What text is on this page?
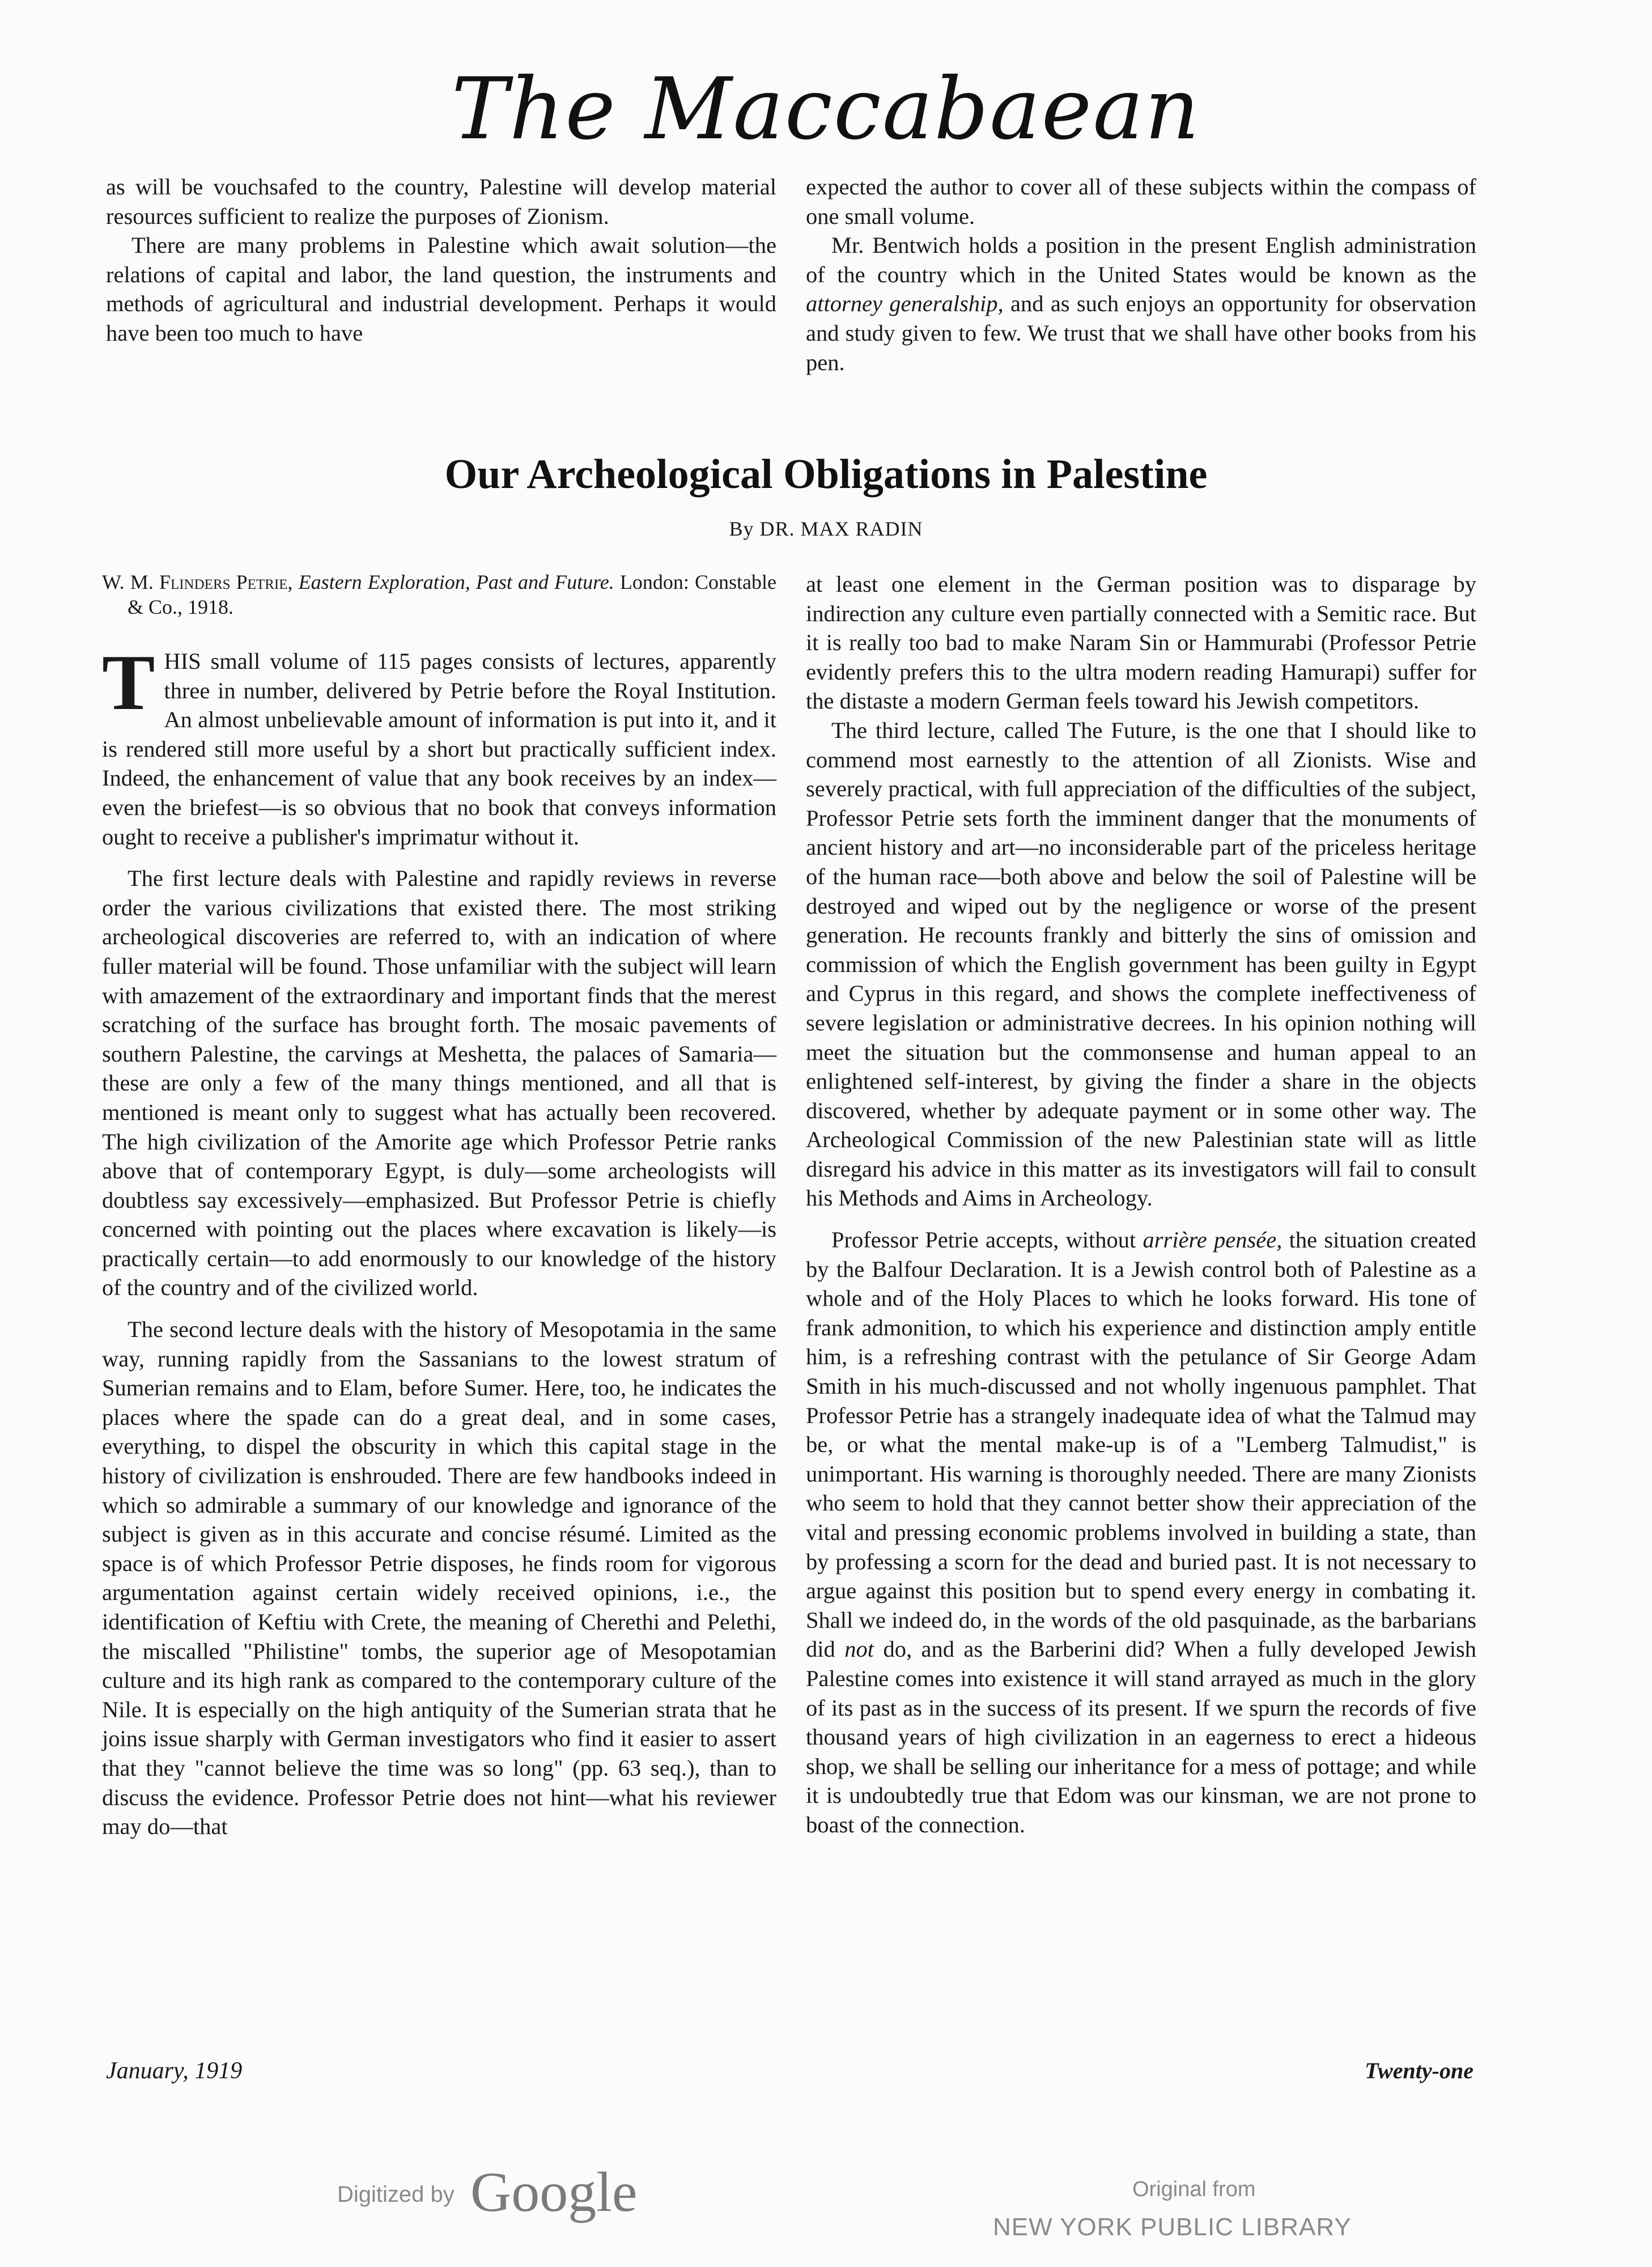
The Maccabaean

as will be vouchsafed to the country, Palestine will develop material resources sufficient to realize the purposes of Zionism.

There are many problems in Palestine which await solution—the relations of capital and labor, the land question, the instruments and methods of agricultural and industrial development. Perhaps it would have been too much to have

expected the author to cover all of these subjects within the compass of one small volume.

Mr. Bentwich holds a position in the present English administration of the country which in the United States would be known as the attorney generalship, and as such enjoys an opportunity for observation and study given to few. We trust that we shall have other books from his pen.

Our Archeological Obligations in Palestine
By DR. MAX RADIN

W. M. Flinders Petrie, Eastern Exploration, Past and Future. London: Constable & Co., 1918.

THIS small volume of 115 pages consists of lectures, apparently three in number, delivered by Petrie before the Royal Institution. An almost unbelievable amount of information is put into it, and it is rendered still more useful by a short but practically sufficient index. Indeed, the enhancement of value that any book receives by an index—even the briefest—is so obvious that no book that conveys information ought to receive a publisher's imprimatur without it.

The first lecture deals with Palestine and rapidly reviews in reverse order the various civilizations that existed there. The most striking archeological discoveries are referred to, with an indication of where fuller material will be found. Those unfamiliar with the subject will learn with amazement of the extraordinary and important finds that the merest scratching of the surface has brought forth. The mosaic pavements of southern Palestine, the carvings at Meshetta, the palaces of Samaria—these are only a few of the many things mentioned, and all that is mentioned is meant only to suggest what has actually been recovered. The high civilization of the Amorite age which Professor Petrie ranks above that of contemporary Egypt, is duly—some archeologists will doubtless say excessively—emphasized. But Professor Petrie is chiefly concerned with pointing out the places where excavation is likely—is practically certain—to add enormously to our knowledge of the history of the country and of the civilized world.

The second lecture deals with the history of Mesopotamia in the same way, running rapidly from the Sassanians to the lowest stratum of Sumerian remains and to Elam, before Sumer. Here, too, he indicates the places where the spade can do a great deal, and in some cases, everything, to dispel the obscurity in which this capital stage in the history of civilization is enshrouded. There are few handbooks indeed in which so admirable a summary of our knowledge and ignorance of the subject is given as in this accurate and concise résumé. Limited as the space is of which Professor Petrie disposes, he finds room for vigorous argumentation against certain widely received opinions, i.e., the identification of Keftiu with Crete, the meaning of Cherethi and Pelethi, the miscalled "Philistine" tombs, the superior age of Mesopotamian culture and its high rank as compared to the contemporary culture of the Nile. It is especially on the high antiquity of the Sumerian strata that he joins issue sharply with German investigators who find it easier to assert that they "cannot believe the time was so long" (pp. 63 seq.), than to discuss the evidence. Professor Petrie does not hint—what his reviewer may do—that

at least one element in the German position was to disparage by indirection any culture even partially connected with a Semitic race. But it is really too bad to make Naram Sin or Hammurabi (Professor Petrie evidently prefers this to the ultra modern reading Hamurapi) suffer for the distaste a modern German feels toward his Jewish competitors.

The third lecture, called The Future, is the one that I should like to commend most earnestly to the attention of all Zionists. Wise and severely practical, with full appreciation of the difficulties of the subject, Professor Petrie sets forth the imminent danger that the monuments of ancient history and art—no inconsiderable part of the priceless heritage of the human race—both above and below the soil of Palestine will be destroyed and wiped out by the negligence or worse of the present generation. He recounts frankly and bitterly the sins of omission and commission of which the English government has been guilty in Egypt and Cyprus in this regard, and shows the complete ineffectiveness of severe legislation or administrative decrees. In his opinion nothing will meet the situation but the commonsense and human appeal to an enlightened self-interest, by giving the finder a share in the objects discovered, whether by adequate payment or in some other way. The Archeological Commission of the new Palestinian state will as little disregard his advice in this matter as its investigators will fail to consult his Methods and Aims in Archeology.

Professor Petrie accepts, without arrière pensée, the situation created by the Balfour Declaration. It is a Jewish control both of Palestine as a whole and of the Holy Places to which he looks forward. His tone of frank admonition, to which his experience and distinction amply entitle him, is a refreshing contrast with the petulance of Sir George Adam Smith in his much-discussed and not wholly ingenuous pamphlet. That Professor Petrie has a strangely inadequate idea of what the Talmud may be, or what the mental make-up is of a "Lemberg Talmudist," is unimportant. His warning is thoroughly needed. There are many Zionists who seem to hold that they cannot better show their appreciation of the vital and pressing economic problems involved in building a state, than by professing a scorn for the dead and buried past. It is not necessary to argue against this position but to spend every energy in combating it. Shall we indeed do, in the words of the old pasquinade, as the barbarians did not do, and as the Barberini did? When a fully developed Jewish Palestine comes into existence it will stand arrayed as much in the glory of its past as in the success of its present. If we spurn the records of five thousand years of high civilization in an eagerness to erect a hideous shop, we shall be selling our inheritance for a mess of pottage; and while it is undoubtedly true that Edom was our kinsman, we are not prone to boast of the connection.

January, 1919	Twenty-one
Digitized by Google	Original from
NEW YORK PUBLIC LIBRARY
